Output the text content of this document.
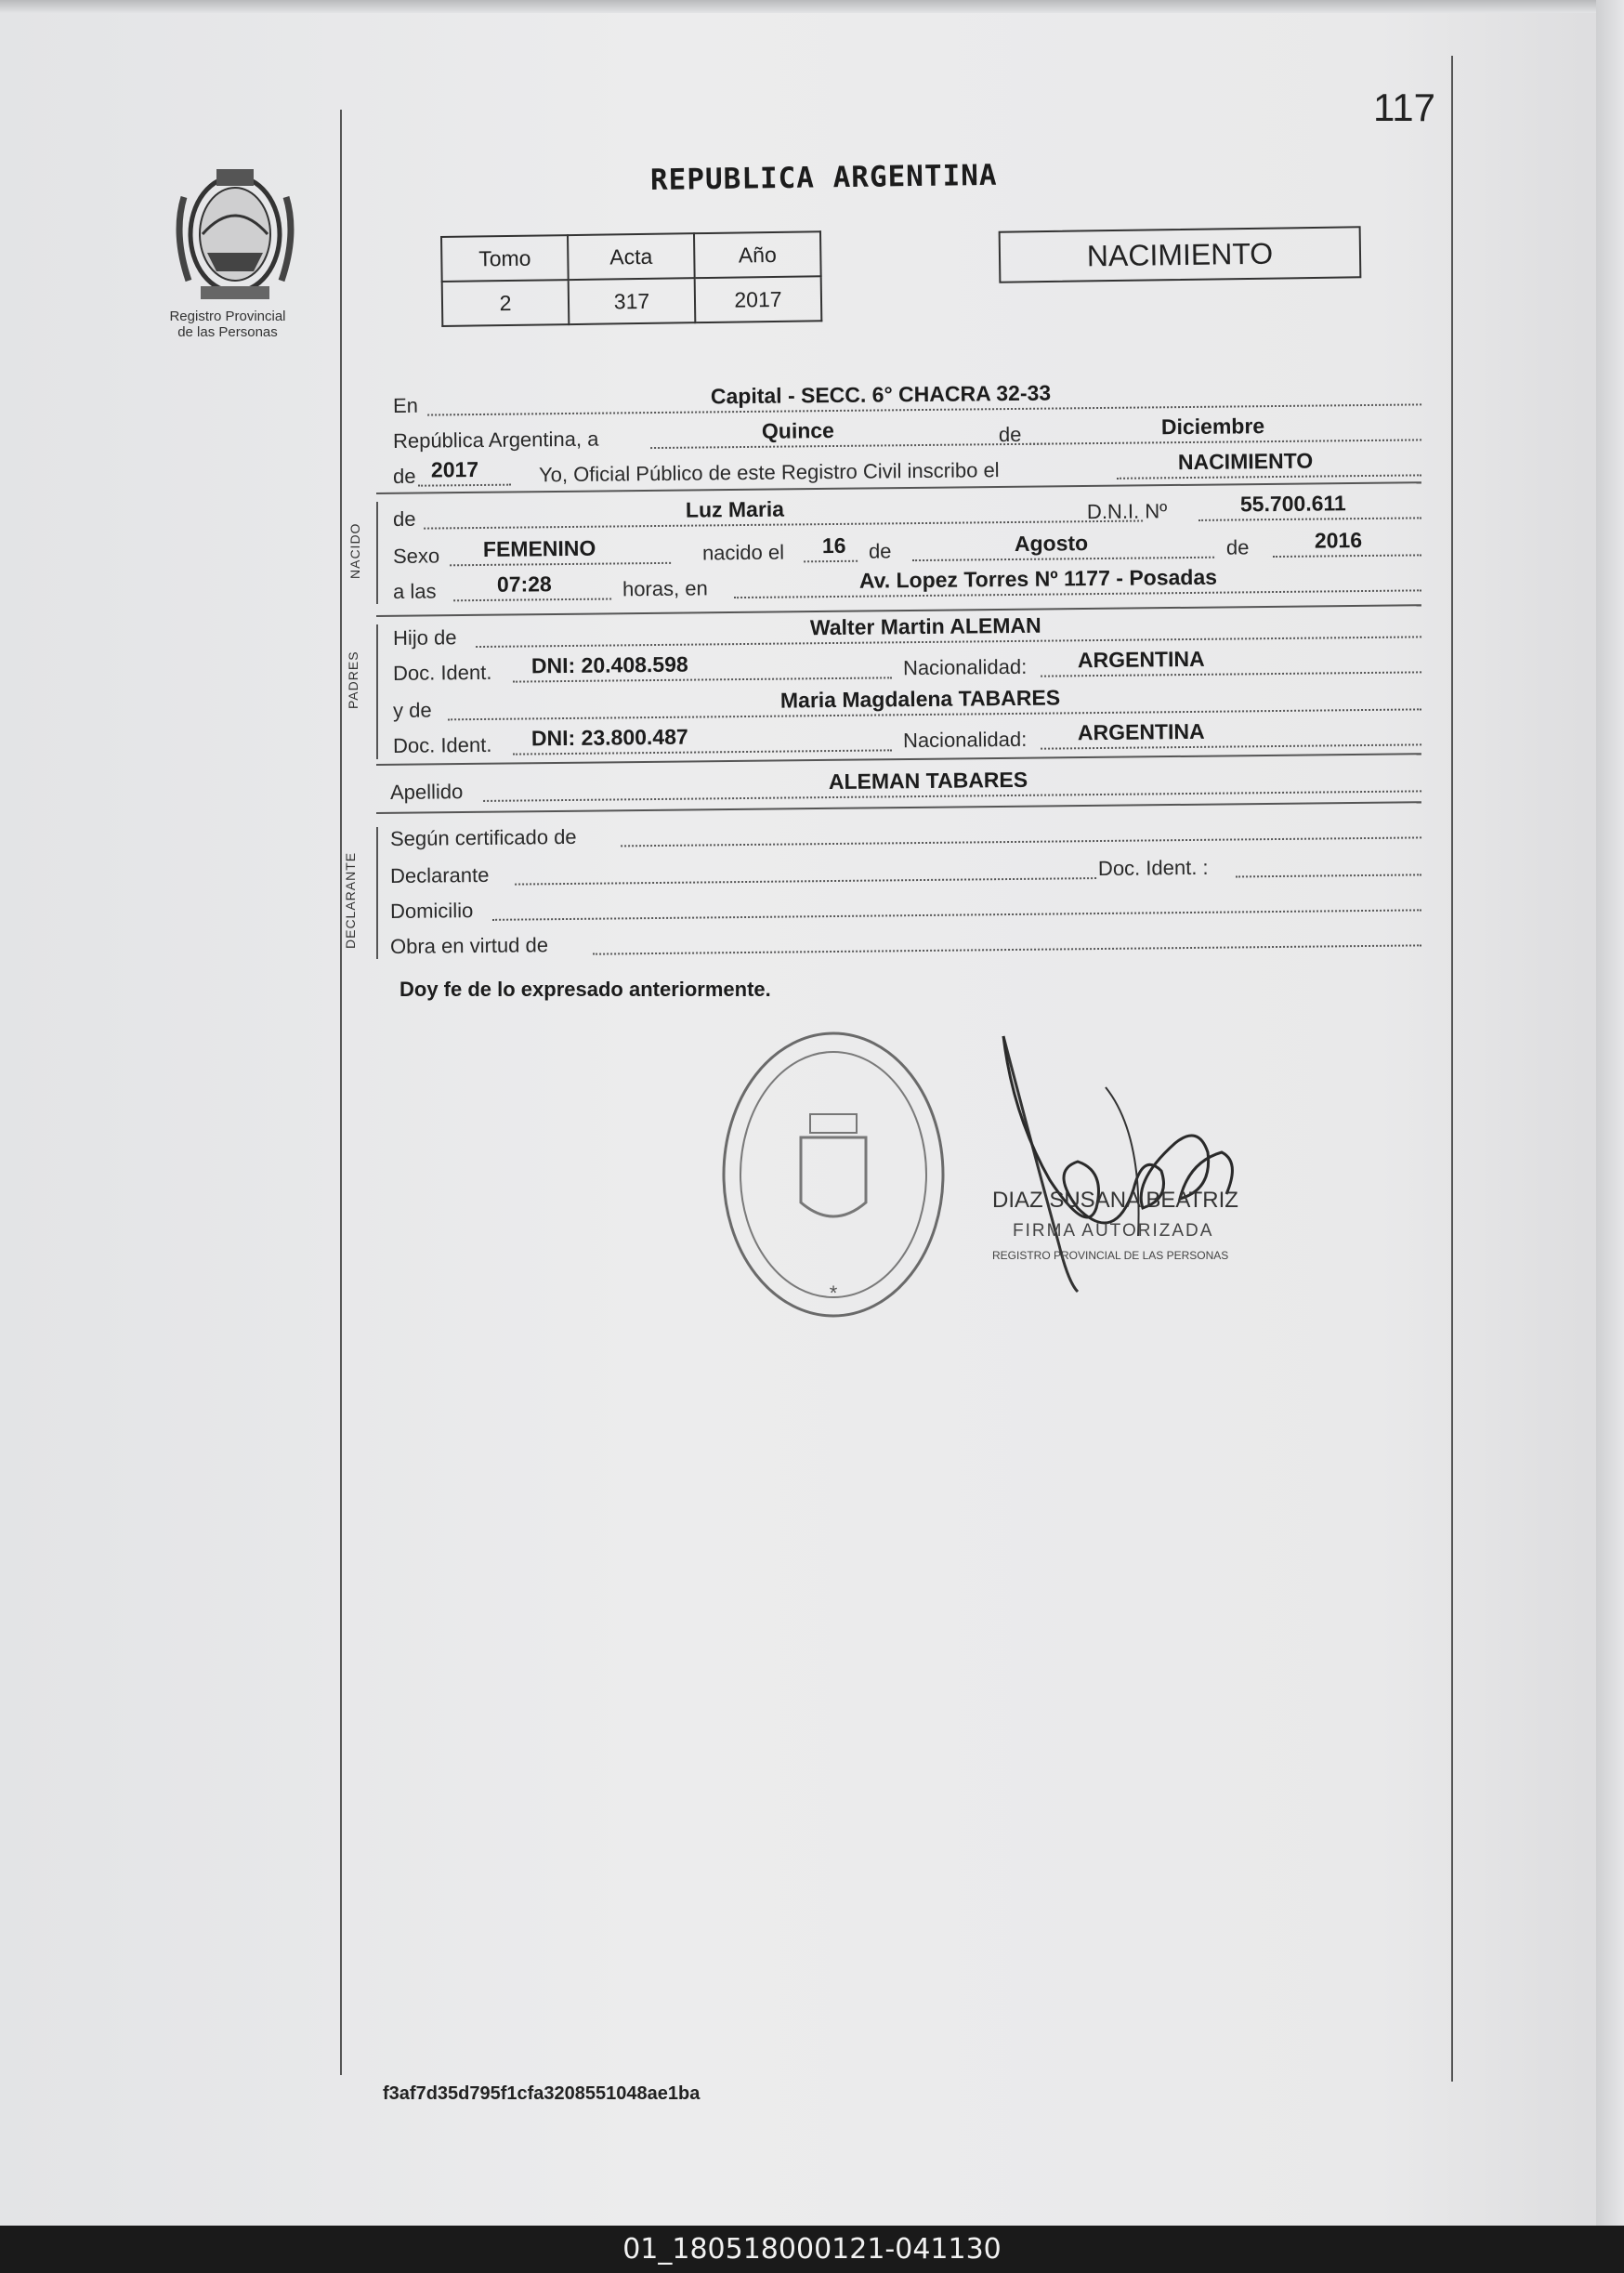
117
Registro Provincial
de las Personas
REPUBLICA ARGENTINA
Tomo	Acta	Año
2	317	2017
NACIMIENTO
En	Capital - SECC. 6° CHACRA 32-33
República Argentina, a	Quince	de	Diciembre
de 2017	Yo, Oficial Público de este Registro Civil inscribo el	NACIMIENTO
NACIDO
de	Luz Maria	D.N.I. Nº	55.700.611
Sexo FEMENINO	nacido el 16 de	Agosto	de	2016
a las	07:28	horas, en	Av. Lopez Torres Nº 1177 - Posadas
PADRES
Hijo de	Walter Martin ALEMAN
Doc. Ident. DNI: 20.408.598	Nacionalidad: ARGENTINA
y de	Maria Magdalena TABARES
Doc. Ident. DNI: 23.800.487	Nacionalidad: ARGENTINA
Apellido	ALEMAN TABARES
DECLARANTE
Según certificado de
Declarante	Doc. Ident. :
Domicilio
Obra en virtud de
Doy fe de lo expresado anteriormente.
*
DIAZ SUSANA BEATRIZ
FIRMA AUTORIZADA
REGISTRO PROVINCIAL DE LAS PERSONAS
f3af7d35d795f1cfa3208551048ae1ba
01_180518000121-041130
